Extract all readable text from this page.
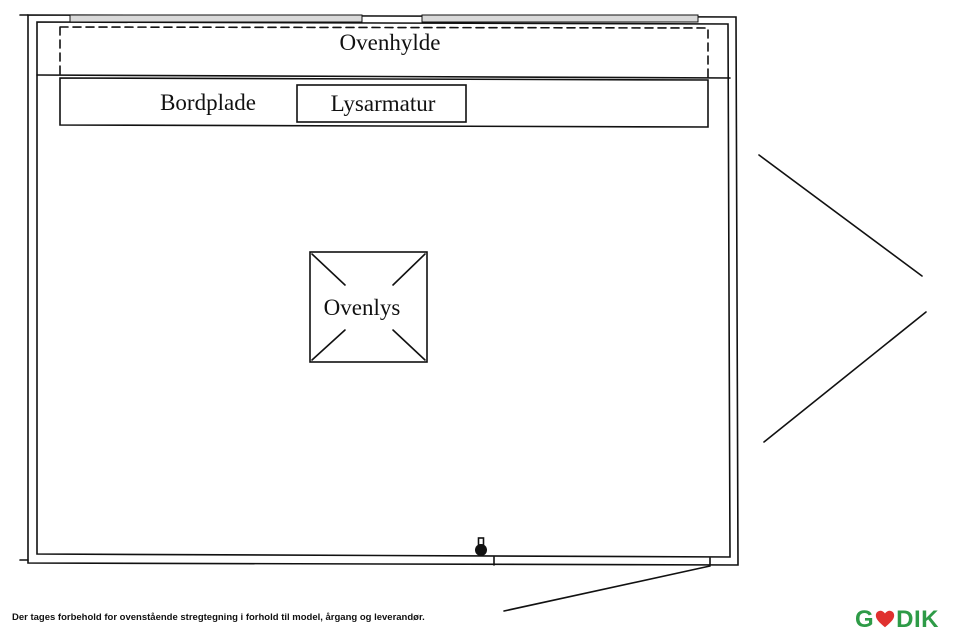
Ovenhylde
Bordplade	Lysarmatur
Ovenlys
Der tages forbehold for ovenstående stregtegning i forhold til model, årgang og leverandør.	G DIK
